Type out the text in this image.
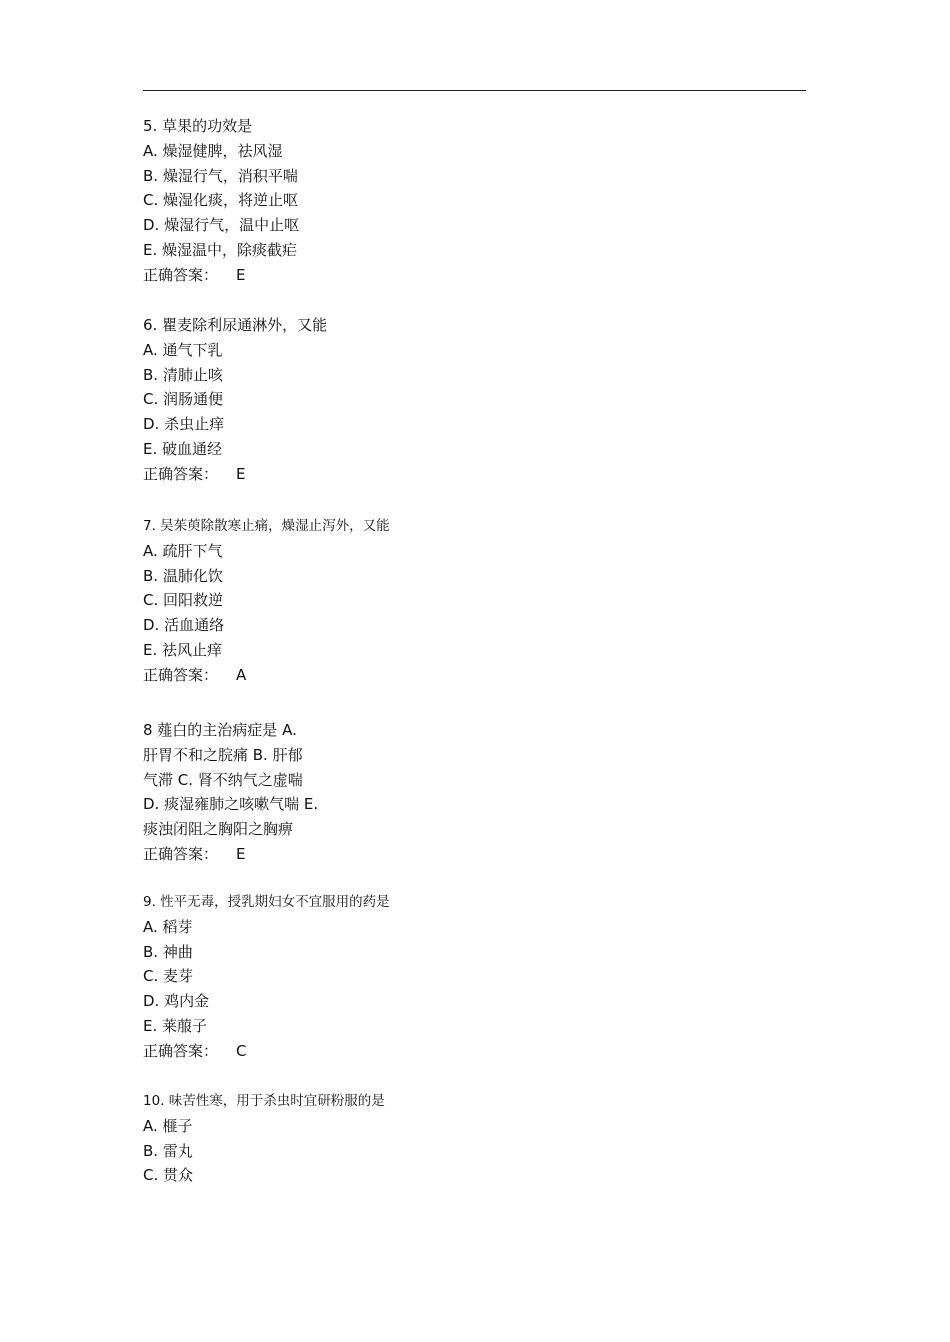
5. 草果的功效是
A. 燥湿健脾，祛风湿
B. 燥湿行气，消积平喘
C. 燥湿化痰，将逆止呕
D. 燥湿行气，温中止呕
E. 燥湿温中，除痰截疟
正确答案： E
6. 瞿麦除利尿通淋外，又能
A. 通气下乳
B. 清肺止咳
C. 润肠通便
D. 杀虫止痒
E. 破血通经
正确答案： E
7. 吴茱萸除散寒止痛，燥湿止泻外，又能
A. 疏肝下气
B. 温肺化饮
C. 回阳救逆
D. 活血通络
E. 祛风止痒
正确答案： A
8 薤白的主治病症是 A.
肝胃不和之脘痛 B. 肝郁
气滞 C. 肾不纳气之虚喘
D. 痰湿雍肺之咳嗽气喘 E.
痰浊闭阻之胸阳之胸痹
正确答案： E
9. 性平无毒，授乳期妇女不宜服用的药是
A. 稻芽
B. 神曲
C. 麦芽
D. 鸡内金
E. 莱菔子
正确答案： C
10. 味苦性寒，用于杀虫时宜研粉服的是
A. 榧子
B. 雷丸
C. 贯众
